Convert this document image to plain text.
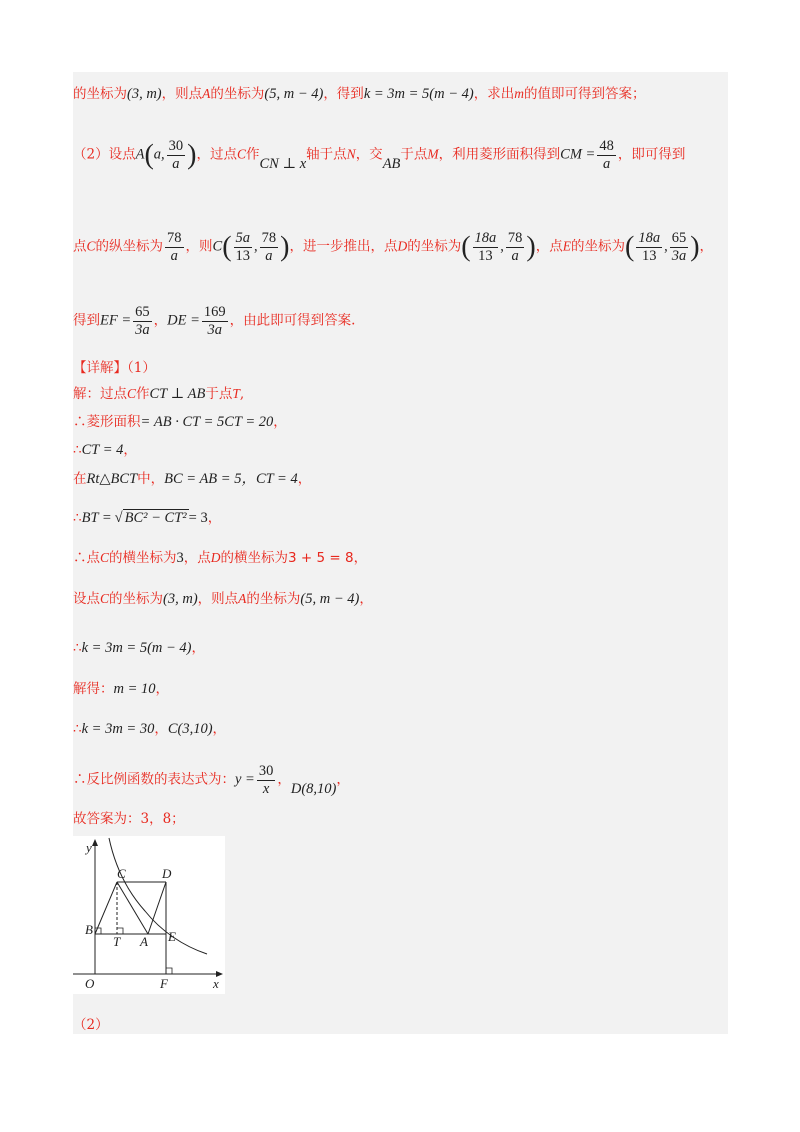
的坐标为(3, m)，则点A的坐标为(5, m − 4)，得到k = 3m = 5(m − 4)，求出m的值即可得到答案；
（2）设点A(a, $\frac{30}{a}$ )，过点C作CN ⊥ x轴于点N，交AB于点M，利用菱形面积得到CM = $\frac{48}{a}$ ，即可得到
点C的纵坐标为 $\frac{78}{a}$ ，则$C( \frac{5a}{13}$ , $\frac{78}{a}$ )，进一步推出，点D的坐标为( $\frac{18a}{13}$ , $\frac{78}{a}$ )，点E的坐标为( $\frac{18a}{13}$ , $\frac{65}{3a}$ )，
得到EF = $\frac{65}{3a}$ ，DE = $\frac{169}{3a}$ ，由此即可得到答案.
【详解】（1）
解：过点C作CT ⊥ AB于点T,
∴菱形面积= AB · CT = 5CT = 20，
∴CT = 4，
在Rt△BCT中，BC = AB = 5，CT = 4，
∴BT = √ BC² − CT² = 3，
∴点C的横坐标为3，点D的横坐标为3 + 5 = 8，
设点C的坐标为(3, m)，则点A的坐标为(5, m − 4)，
∴k = 3m = 5(m − 4)，
解得：m = 10，
∴k = 3m = 30，C(3,10)，
∴反比例函数的表达式为：$y = \frac{30}{x}$ ，D(8,10)，
故答案为：3，8；
y
x
O
B
T A
C	D
E
F
（2）
